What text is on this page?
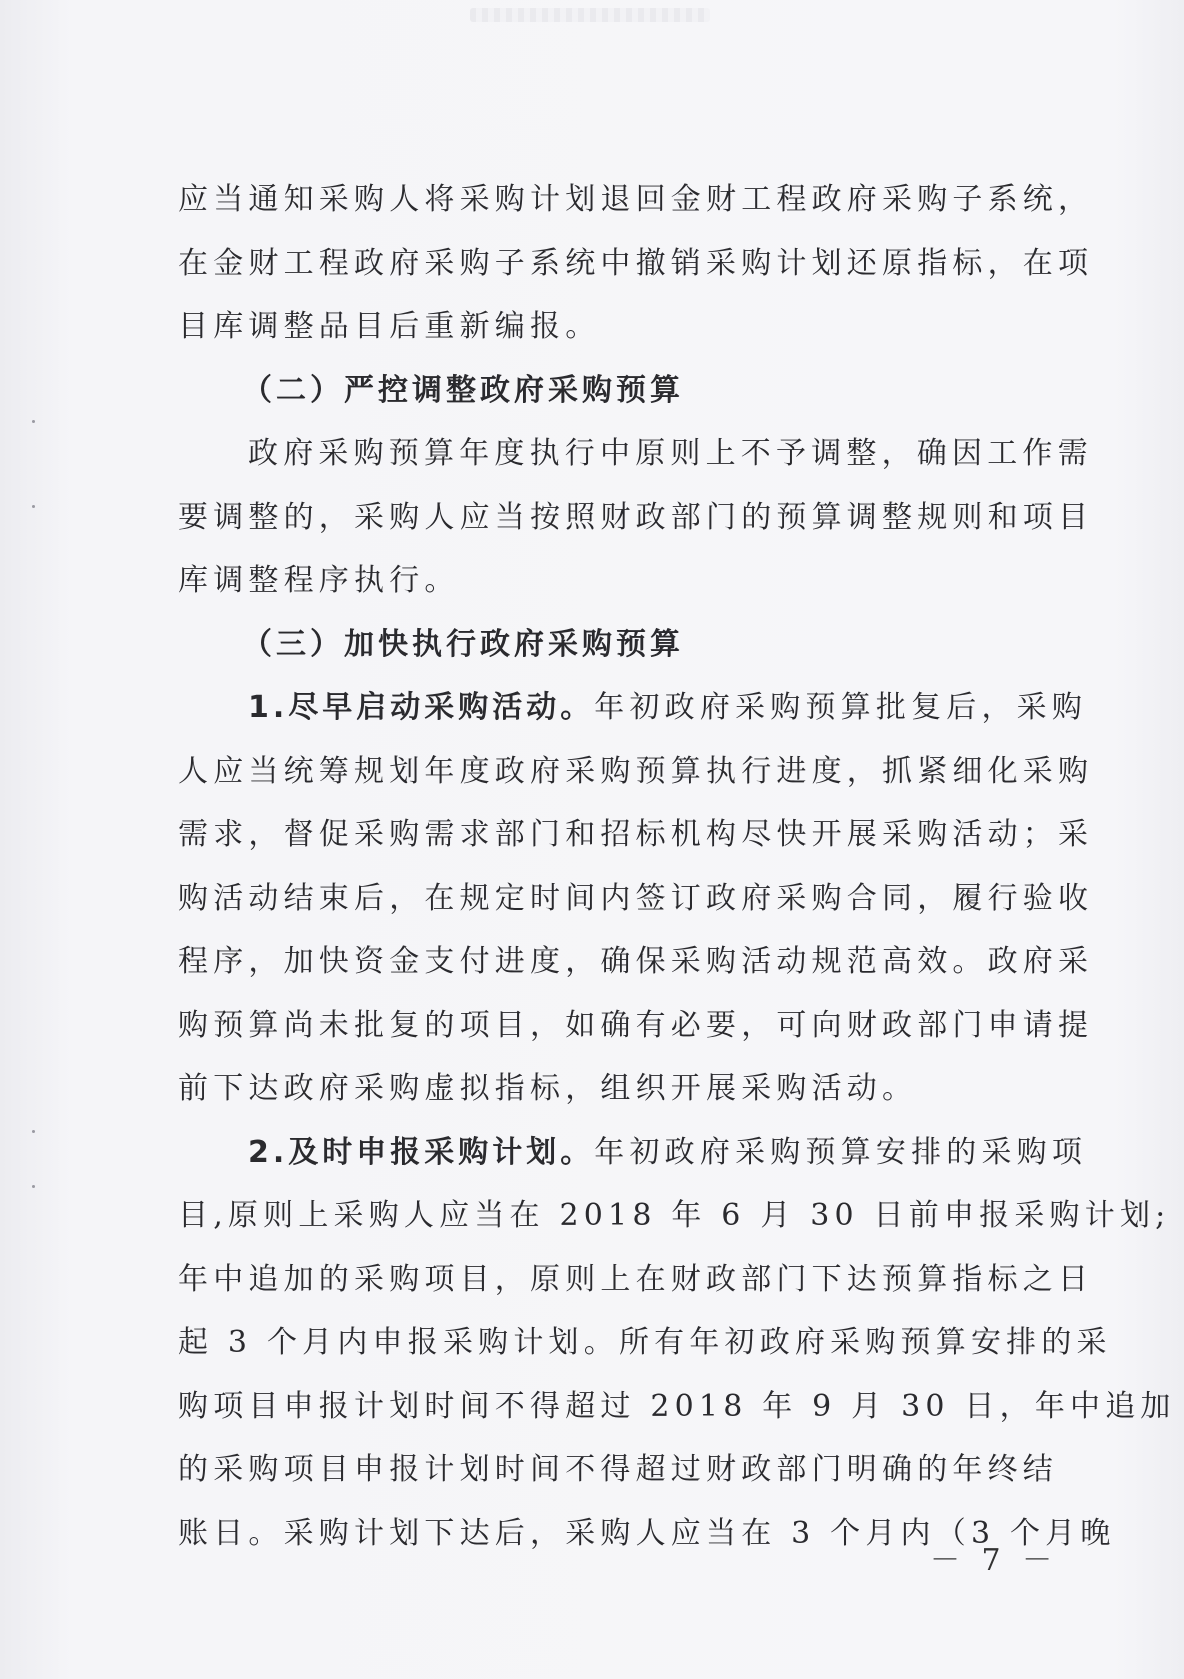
应当通知采购人将采购计划退回金财工程政府采购子系统，
在金财工程政府采购子系统中撤销采购计划还原指标，在项
目库调整品目后重新编报。
（二）严控调整政府采购预算
政府采购预算年度执行中原则上不予调整，确因工作需
要调整的，采购人应当按照财政部门的预算调整规则和项目
库调整程序执行。
（三）加快执行政府采购预算
1.尽早启动采购活动。年初政府采购预算批复后，采购
人应当统筹规划年度政府采购预算执行进度，抓紧细化采购
需求，督促采购需求部门和招标机构尽快开展采购活动；采
购活动结束后，在规定时间内签订政府采购合同，履行验收
程序，加快资金支付进度，确保采购活动规范高效。政府采
购预算尚未批复的项目，如确有必要，可向财政部门申请提
前下达政府采购虚拟指标，组织开展采购活动。
2.及时申报采购计划。年初政府采购预算安排的采购项
目,原则上采购人应当在 2018 年 6 月 30 日前申报采购计划;
年中追加的采购项目，原则上在财政部门下达预算指标之日
起 3 个月内申报采购计划。所有年初政府采购预算安排的采
购项目申报计划时间不得超过 2018 年 9 月 30 日，年中追加
的采购项目申报计划时间不得超过财政部门明确的年终结
账日。采购计划下达后，采购人应当在 3 个月内（3 个月晚
－ 7 －
